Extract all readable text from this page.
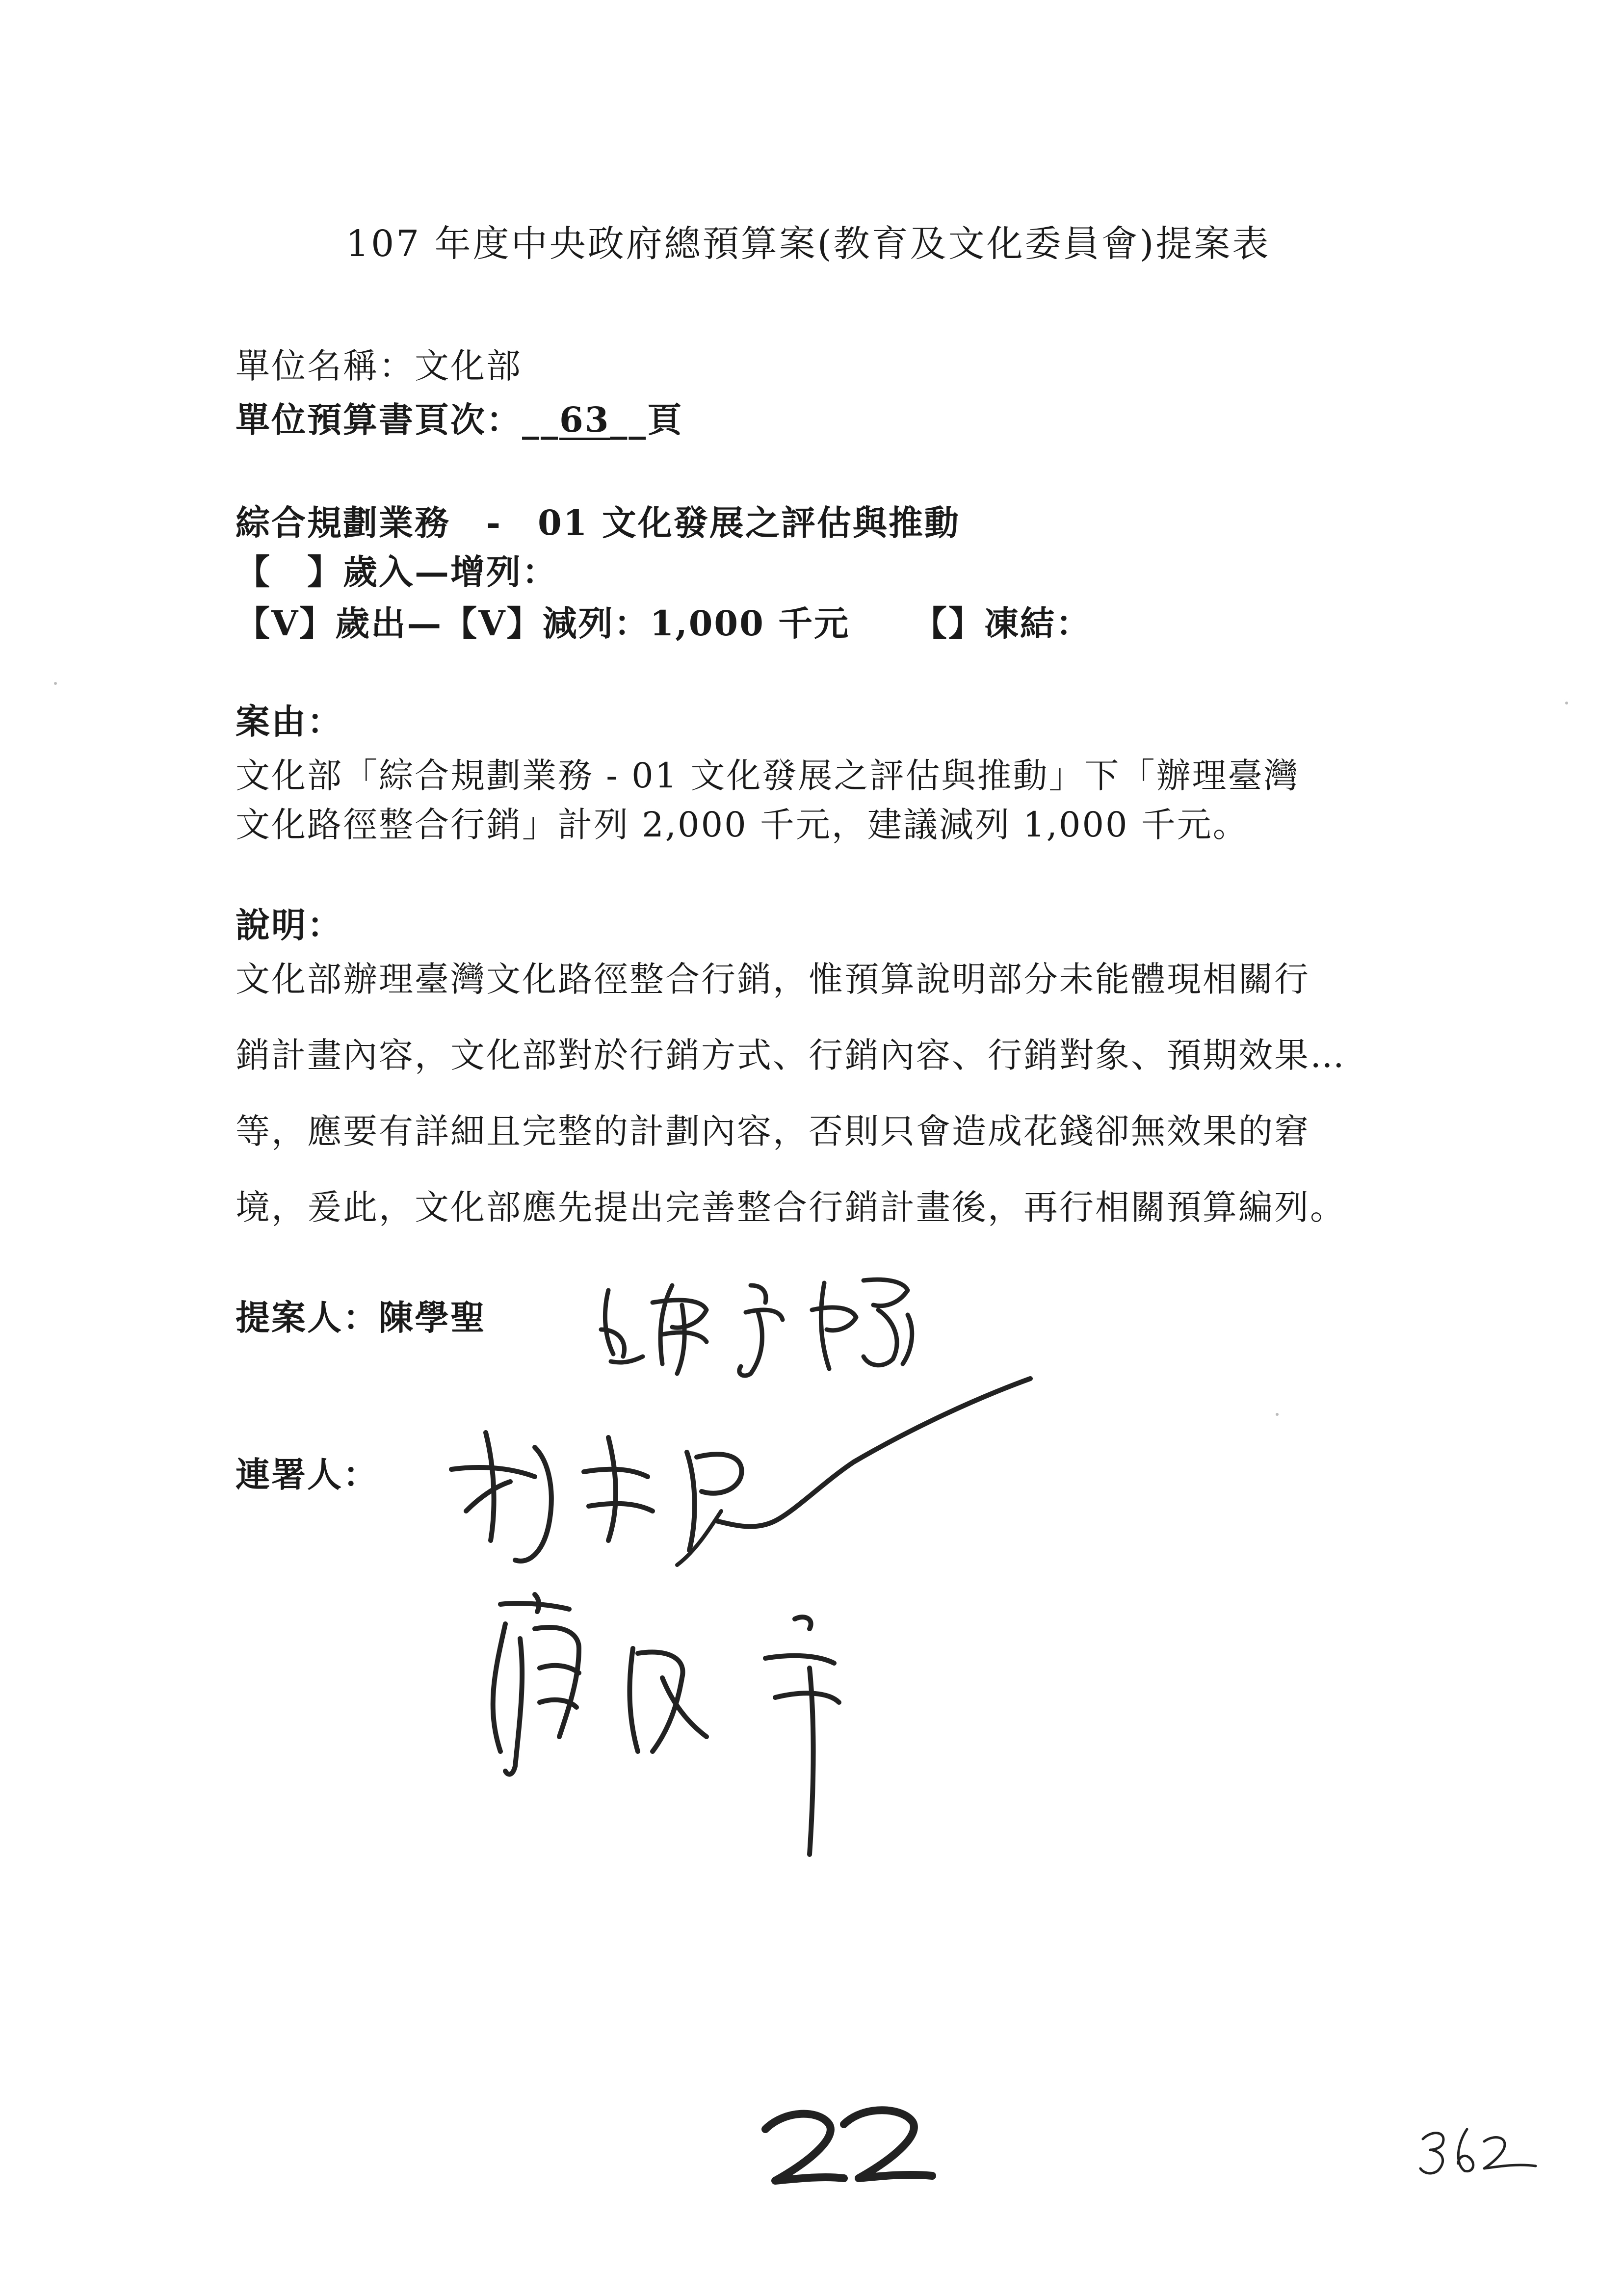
107 年度中央政府總預算案(教育及文化委員會)提案表
單位名稱：文化部
單位預算書頁次：__63__頁
綜合規劃業務　-　01 文化發展之評估與推動
【　】歲入—增列：
【V】歲出—【V】減列：1,000 千元 【】凍結：
案由：
文化部「綜合規劃業務 - 01 文化發展之評估與推動」下「辦理臺灣
文化路徑整合行銷」計列 2,000 千元，建議減列 1,000 千元。
說明：
文化部辦理臺灣文化路徑整合行銷，惟預算說明部分未能體現相關行
銷計畫內容，文化部對於行銷方式、行銷內容、行銷對象、預期效果…
等，應要有詳細且完整的計劃內容，否則只會造成花錢卻無效果的窘
境，爰此，文化部應先提出完善整合行銷計畫後，再行相關預算編列。
提案人：陳學聖
連署人：
